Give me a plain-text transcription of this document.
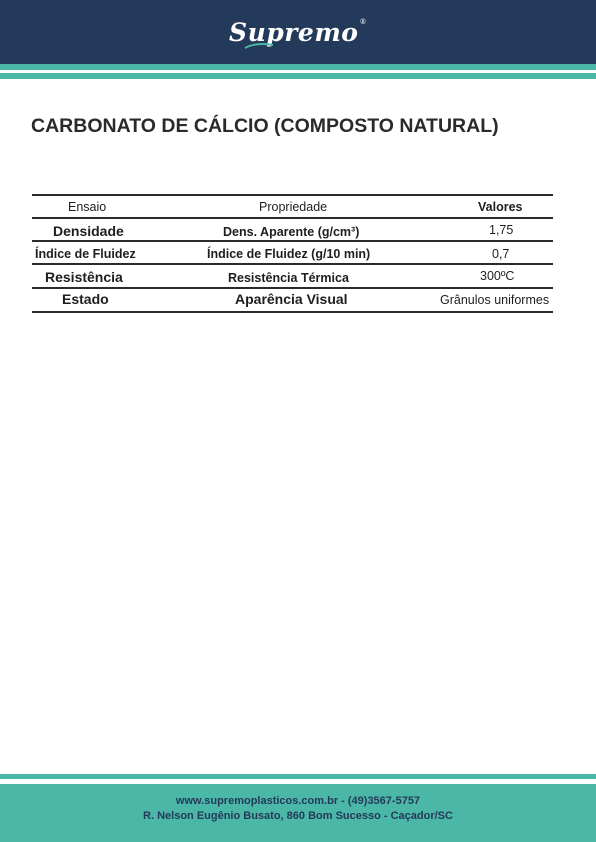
Supremo®
CARBONATO DE CÁLCIO (COMPOSTO NATURAL)
Ensaio	Propriedade	Valores
Densidade	Dens. Aparente (g/cm³)	1,75
Índice de Fluidez	Índice de Fluidez (g/10 min)	0,7
Resistência	Resistência Térmica	300ºC
Estado	Aparência Visual	Grânulos uniformes
www.supremoplasticos.com.br - (49)3567-5757
R. Nelson Eugênio Busato, 860 Bom Sucesso - Caçador/SC
